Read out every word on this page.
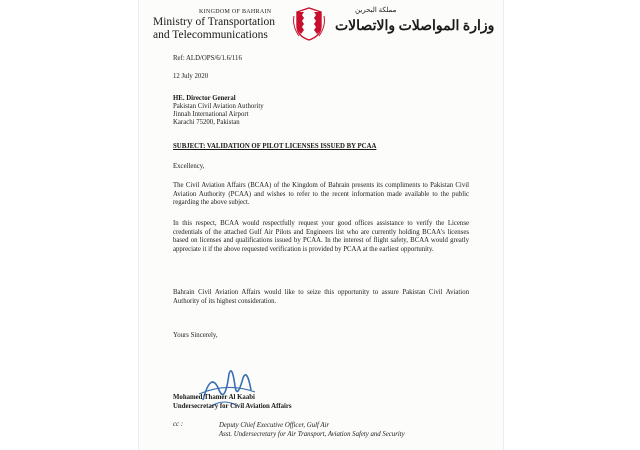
KINGDOM OF BAHRAIN
Ministry of Transportation
and Telecommunications
مملكة البحرين
وزارة المواصلات والاتصالات
Ref: ALD/OPS/6/1.6/116
12 July 2020
HE. Director General
Pakistan Civil Aviation Authority
Jinnah International Airport
Karachi 75200, Pakistan
SUBJECT: VALIDATION OF PILOT LICENSES ISSUED BY PCAA
Excellency,
The Civil Aviation Affairs (BCAA) of the Kingdom of Bahrain presents its compliments to Pakistan Civil Aviation Authority (PCAA) and wishes to refer to the recent information made available to the public regarding the above subject.
In this respect, BCAA would respectfully request your good offices assistance to verify the License credentials of the attached Gulf Air Pilots and Engineers list who are currently holding BCAA's licenses based on licenses and qualifications issued by PCAA. In the interest of flight safety, BCAA would greatly appreciate it if the above requested verification is provided by PCAA at the earliest opportunity.
Bahrain Civil Aviation Affairs would like to seize this opportunity to assure Pakistan Civil Aviation Authority of its highest consideration.
Yours Sincerely,
Mohamed Thamer Al Kaabi
Undersecretary for Civil Aviation Affairs
cc :	Deputy Chief Executive Officer, Gulf Air
Asst. Undersecretary for Air Transport, Aviation Safety and Security
